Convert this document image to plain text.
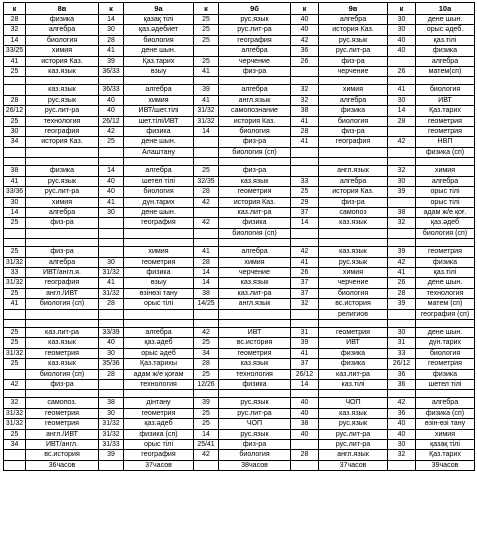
к	8в	к	9а	к	9б	к	9в	к	10а
28	физика	14	қазақ тілі	25	рус.язык	40	алгебра	30	дене шын.
32	алгебра	30	қаз.әдебиет	25	рус.лит-ра	40	история Каз.	30	орыс әдеб.
14	биология	28	биология	25	география	42	рус.язык	40	қаз.тілі
33/25	химия	41	дене шын.		алгебра	36	рус.лит-ра	40	физика
41	история Каз.	39	Қаз.тарих	25	черчение	26	физ-ра		алгебра
25	каз.язык	36/33	өзыу	41	физ-ра		черчение	26	матем(сп)

	каз.язык	36/33	алгебра	39	алгебра	32	химия	41	биология
28	рус.язык	40	химия	41	англ.язык	32	алгебра	30	ИВТ
26/12	рус.лит-ра	40	ИВТ/шет.тілі	31/32	самопознание	38	физика	14	Қаз.тарих
25	технология	26/12	шет.тілі/ИВТ	31/32	история Каз.	41	биология	28	геометрия
30	география	42	физика	14	биология	28	физ-ра		геометрия
34	история Каз.	25	дене шын.		физ-ра	41	география	42	НВП
			Алаштану		биология (сп)				физика (сп)

38	физика	14	алгебра	25	физ-ра		англ.язык	32	химия
41	рус.язык	40	шетел тілі	32/35	каз.язык	33	алгебра	30	алгебра
33/36	рус.лит-ра	40	биология	28	геометрия	25	история Каз.	39	орыс тілі
30	химия	41	дүн.тарих	42	история Каз.	29	физ-ра		орыс тілі
14	алгебра	30	дене шын.		каз.лит-ра	37	самопоз	38	адам ж/е қоғ.
25	физ-ра		география	42	физика	14	каз.язык	32	қаз.әдеб
					биология (сп)				биология (сп)

25	физ-ра		химия	41	алгебра	42	каз.язык	39	геометрия
31/32	алгебра	30	геометрия	28	химия	41	рус.язык	42	физика
33	ИВТ/англ.я.	31/32	физика	14	черчение	26	химия	41	қаз.тілі
31/32	география	41	өзыу	14	каз.язык	37	черчение	26	дене шын.
25	англ./ИВТ	31/32	өзінөзі тану	38	каз.лит-ра	37	биология	28	технология
41	биология (сп)	28	орыс тілі	14/25	англ.язык	32	вс.история	39	матем (сп)
							религиов		география (сп)

25	каз.лит-ра	33/39	алгебра	42	ИВТ	31	геометрия	30	дене шын.
25	каз.язык	40	қаз.әдеб	25	вс.история	39	ИВТ	31	дүн.тарих
31/32	геометрия	30	орыс әдеб	34	геометрия	41	физика	33	биология
25	каз.язык	35/36	Қаз.тарихы	28	каз.язык	37	физика	26/12	геометрия
	биология (сп)	28	адам ж/е қоғам	25	технология	26/12	каз.лит-ра	36	физика
42	физ-ра		технология	12/26	физика	14	каз.тілі	36	шетел тілі

32	самопоз.	38	дінтану	39	рус.язык	40	ЧОП	42	алгебра
31/32	геометрия	30	геометрия	25	рус.лит-ра	40	каз.язык	36	физика (сп)
31/32	геометрия	31/32	қаз.әдеб	25	ЧОП	38	рус.язык	40	өзін-өзі тану
25	англ./ИВТ	31/32	физика (сп)	14	рус.язык	40	рус.лит-ра	40	химия
34	ИВТ/англ.	31/33	орыс тілі	25/41	физ-ра		рус.лит-ра	30	қазақ тілі
	вс.история	39	география	42	биология	28	англ.язык	32	Қаз.тарих
	36часов		37часов		38часов		37часов		39часов
